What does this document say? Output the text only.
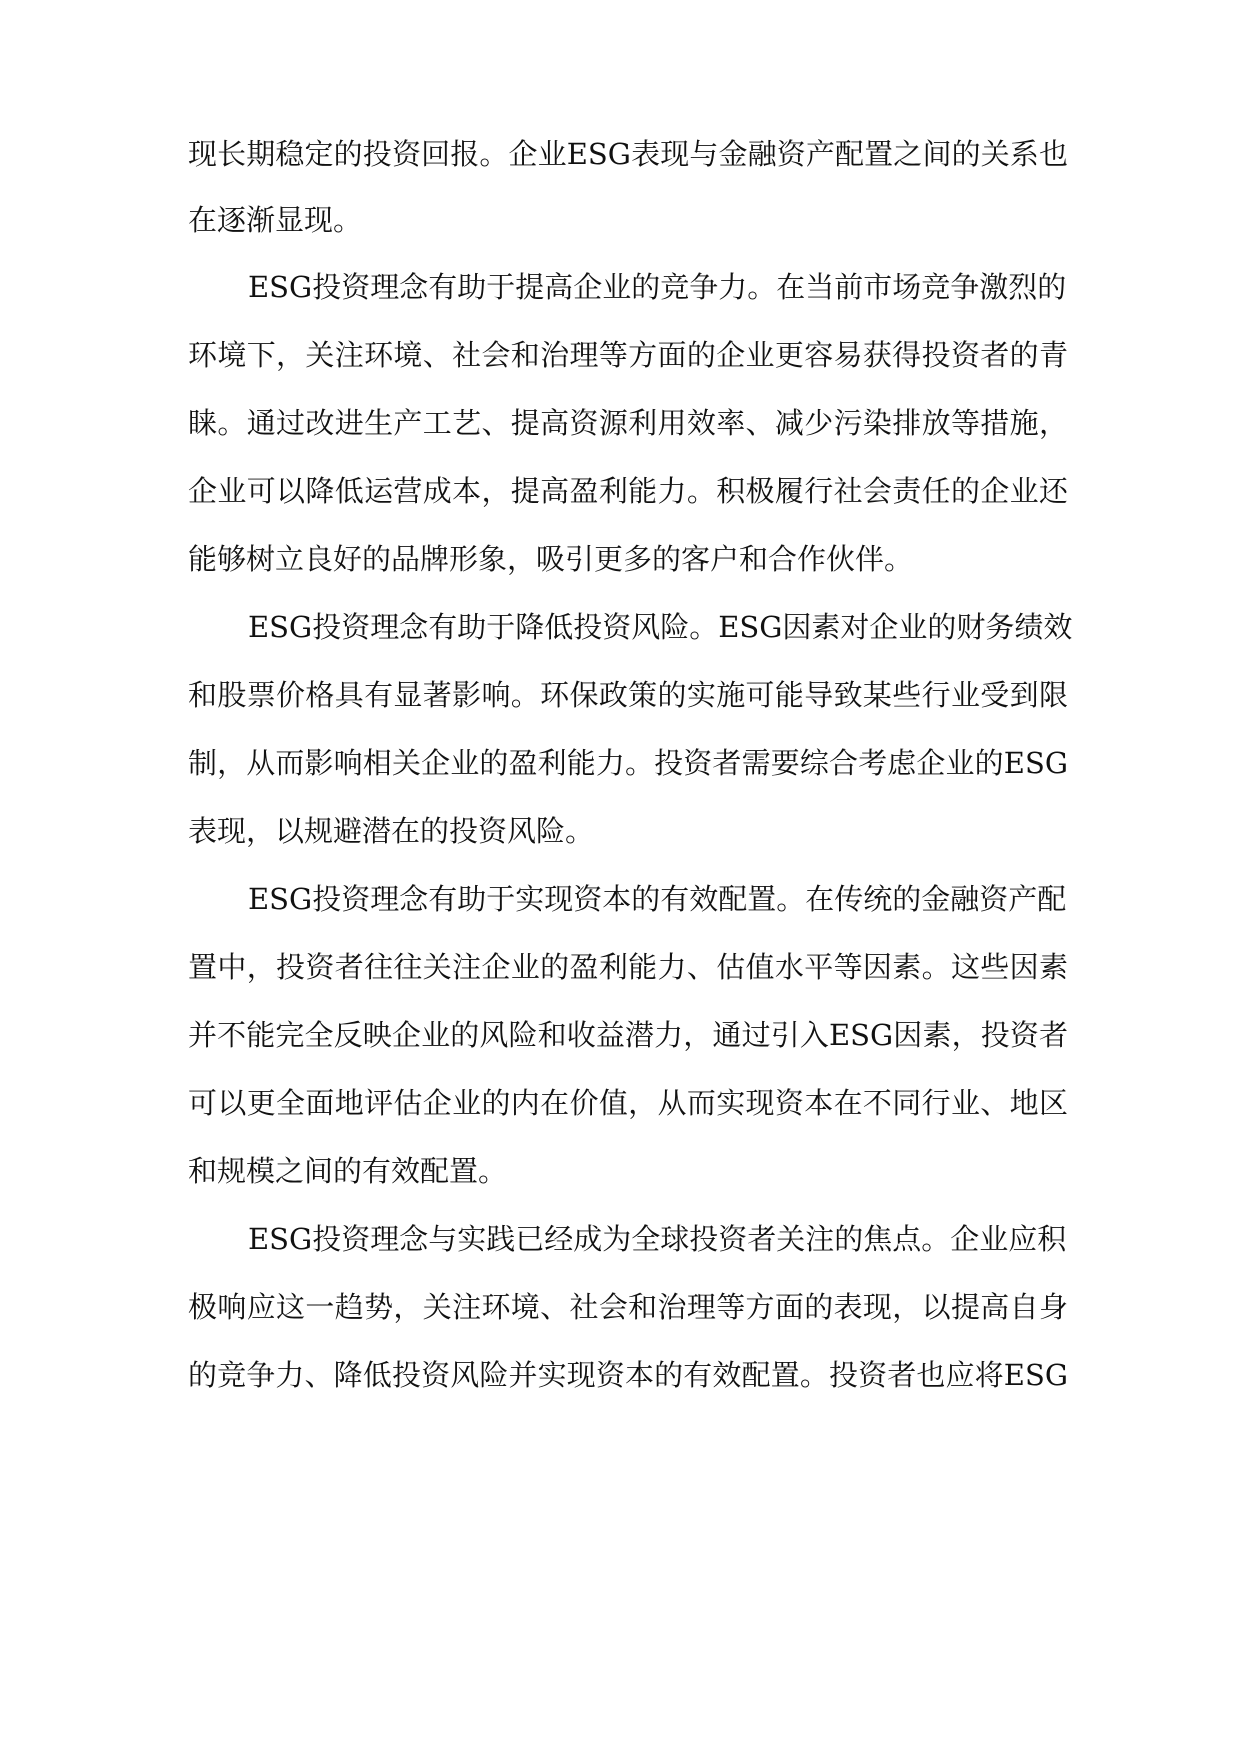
现长期稳定的投资回报。企业ESG表现与金融资产配置之间的关系也
在逐渐显现。
ESG投资理念有助于提高企业的竞争力。在当前市场竞争激烈的
环境下，关注环境、社会和治理等方面的企业更容易获得投资者的青
睐。通过改进生产工艺、提高资源利用效率、减少污染排放等措施，
企业可以降低运营成本，提高盈利能力。积极履行社会责任的企业还
能够树立良好的品牌形象，吸引更多的客户和合作伙伴。
ESG投资理念有助于降低投资风险。ESG因素对企业的财务绩效
和股票价格具有显著影响。环保政策的实施可能导致某些行业受到限
制，从而影响相关企业的盈利能力。投资者需要综合考虑企业的ESG
表现，以规避潜在的投资风险。
ESG投资理念有助于实现资本的有效配置。在传统的金融资产配
置中，投资者往往关注企业的盈利能力、估值水平等因素。这些因素
并不能完全反映企业的风险和收益潜力，通过引入ESG因素，投资者
可以更全面地评估企业的内在价值，从而实现资本在不同行业、地区
和规模之间的有效配置。
ESG投资理念与实践已经成为全球投资者关注的焦点。企业应积
极响应这一趋势，关注环境、社会和治理等方面的表现，以提高自身
的竞争力、降低投资风险并实现资本的有效配置。投资者也应将ESG
